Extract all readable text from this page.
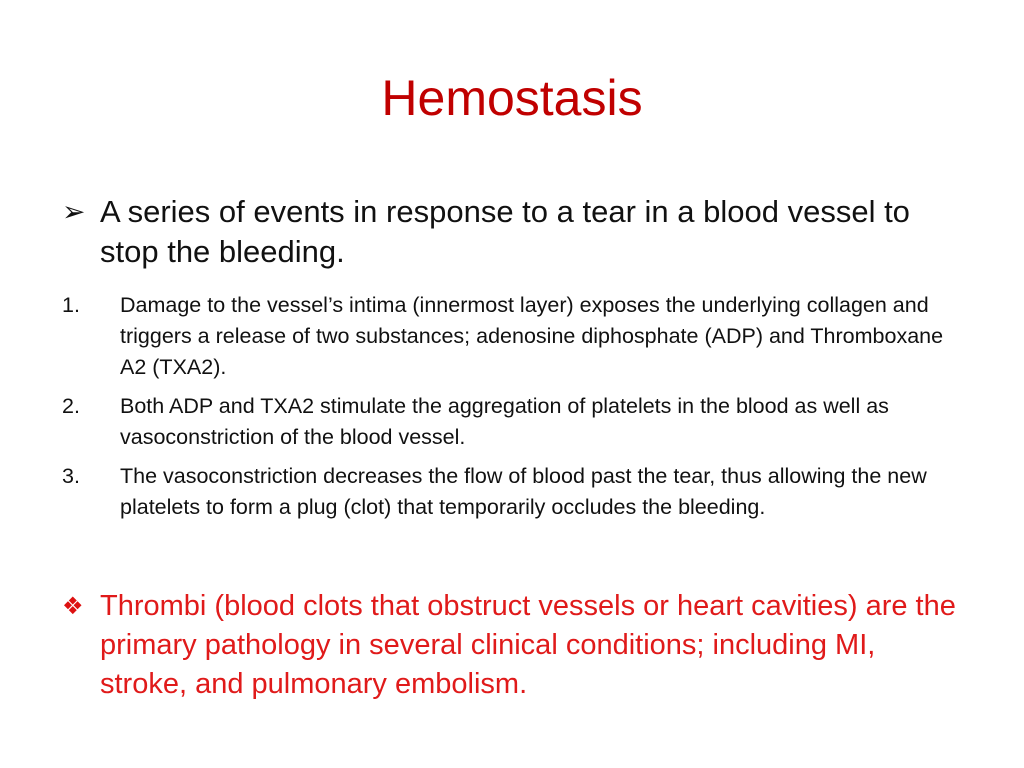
Hemostasis
➢ A series of events in response to a tear in a blood vessel to stop the bleeding.
1. Damage to the vessel’s intima (innermost layer) exposes the underlying collagen and triggers a release of two substances; adenosine diphosphate (ADP) and Thromboxane A2 (TXA2).
2. Both ADP and TXA2 stimulate the aggregation of platelets in the blood as well as vasoconstriction of the blood vessel.
3. The vasoconstriction decreases the flow of blood past the tear, thus allowing the new platelets to form a plug (clot) that temporarily occludes the bleeding.
❖ Thrombi (blood clots that obstruct vessels or heart cavities) are the primary pathology in several clinical conditions; including MI, stroke, and pulmonary embolism.
